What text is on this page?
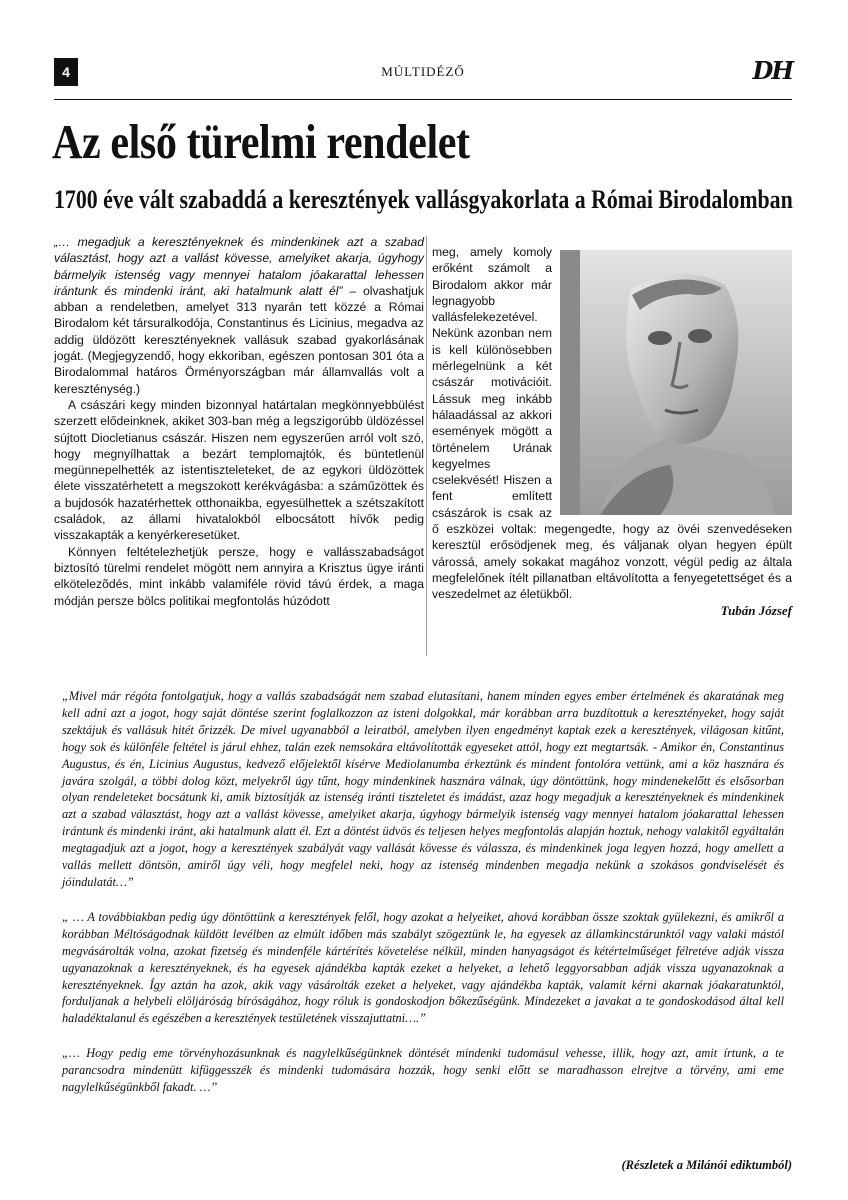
4	MÚLTIDÉZŐ	DH
Az első türelmi rendelet
1700 éve vált szabaddá a keresztények vallásgyakorlata a Római Birodalomban

„… megadjuk a keresztényeknek és mindenkinek azt a szabad választást, hogy azt a vallást kövesse, amelyiket akarja, úgyhogy bármelyik istenség vagy mennyei hatalom jóakarattal lehessen irántunk és mindenki iránt, aki hatalmunk alatt él” – olvashatjuk abban a rendeletben, amelyet 313 nyarán tett közzé a Római Birodalom két társuralkodója, Constantinus és Licinius, megadva az addig üldözött keresztényeknek vallásuk szabad gyakorlásának jogát. (Megjegyzendő, hogy ekkoriban, egészen pontosan 301 óta a Birodalommal határos Örményországban már államvallás volt a kereszténység.)

A császári kegy minden bizonnyal határtalan megkönnyebbülést szerzett elődeinknek, akiket 303-ban még a legszigorúbb üldözéssel sújtott Diocletianus császár. Hiszen nem egyszerűen arról volt szó, hogy megnyílhattak a bezárt templomajtók, és büntetlenül megünnepelhették az istentiszteleteket, de az egykori üldözöttek élete visszatérhetett a megszokott kerékvágásba: a száműzöttek és a bujdosók hazatérhettek otthonaikba, egyesülhettek a szétszakított családok, az állami hivatalokból elbocsátott hívők pedig visszakapták a kenyérkeresetüket.

Könnyen feltételezhetjük persze, hogy e vallásszabadságot biztosító türelmi rendelet mögött nem annyira a Krisztus ügye iránti elkötelezõdés, mint inkább valamiféle rövid távú érdek, a maga módján persze bölcs politikai megfontolás húzódott

meg, amely komoly erőként számolt a Birodalom akkor már legnagyobb vallásfelekezetével. Nekünk azonban nem is kell különösebben mérlegelnünk a két császár motivációit. Lássuk meg inkább hálaadással az akkori események mögött a történelem Urának kegyelmes cselekvését! Hiszen a fent említett császárok is csak az ő eszközei voltak: megengedte, hogy az övéi szenvedéseken keresztül erősödjenek meg, és váljanak olyan hegyen épült várossá, amely sokakat magához vonzott, végül pedig az általa megfelelőnek ítélt pillanatban eltávolította a fenyegetettséget és a veszedelmet az életükből.

Tubán József

„Mivel már régóta fontolgatjuk, hogy a vallás szabadságát nem szabad elutasítani, hanem minden egyes ember értelmének és akaratának meg kell adni azt a jogot, hogy saját döntése szerint foglalkozzon az isteni dolgokkal, már korábban arra buzdítottuk a keresztényeket, hogy saját szektájuk és vallásuk hitét őrizzék. De mivel ugyanabból a leiratból, amelyben ilyen engedményt kaptak ezek a keresztények, világosan kitűnt, hogy sok és különféle feltétel is járul ehhez, talán ezek nemsokára eltávolították egyeseket attól, hogy ezt megtartsák. - Amikor én, Constantinus Augustus, és én, Licinius Augustus, kedvező előjelektől kísérve Mediolanumba érkeztünk és mindent fontolóra vettünk, ami a köz hasznára és javára szolgál, a többi dolog közt, melyekről úgy tűnt, hogy mindenkinek hasznára válnak, úgy döntöttünk, hogy mindenekelőtt és elsősorban olyan rendeleteket bocsátunk ki, amik biztosítják az istenség iránti tiszteletet és imádást, azaz hogy megadjuk a keresztényeknek és mindenkinek azt a szabad választást, hogy azt a vallást kövesse, amelyiket akarja, úgyhogy bármelyik istenség vagy mennyei hatalom jóakarattal lehessen irántunk és mindenki iránt, aki hatalmunk alatt él. Ezt a döntést üdvös és teljesen helyes megfontolás alapján hoztuk, nehogy valakitől egyáltalán megtagadjuk azt a jogot, hogy a keresztények szabályát vagy vallását kövesse és válassza, és mindenkinek joga legyen hozzá, hogy amellett a vallás mellett döntsön, amiről úgy véli, hogy megfelel neki, hogy az istenség mindenben megadja nekünk a szokásos gondviselését és jóindulatát…”

„ … A továbbiakban pedig úgy döntöttünk a keresztények felől, hogy azokat a helyeiket, ahová korábban össze szoktak gyülekezni, és amikről a korábban Méltóságodnak küldött levélben az elmúlt időben más szabályt szögeztünk le, ha egyesek az államkincstárunktól vagy valaki mástól megvásárolták volna, azokat fizetség és mindenféle kártérítés követelése nélkül, minden hanyagságot és kétértelműséget félretéve adják vissza ugyanazoknak a keresztényeknek, és ha egyesek ajándékba kapták ezeket a helyeket, a lehető leggyorsabban adják vissza ugyanazoknak a keresztényeknek. Így aztán ha azok, akik vagy vásárolták ezeket a helyeket, vagy ajándékba kapták, valamit kérni akarnak jóakaratunktól, forduljanak a helybeli elöljáróság bíróságához, hogy róluk is gondoskodjon bőkezűségünk. Mindezeket a javakat a te gondoskodásod által kell haladéktalanul és egészében a keresztények testületének visszajuttatni….”

„… Hogy pedig eme törvényhozásunknak és nagylelkűségünknek döntését mindenki tudomásul vehesse, illik, hogy azt, amit írtunk, a te parancsodra mindenütt kifüggesszék és mindenki tudomására hozzák, hogy senki előtt se maradhasson elrejtve a törvény, ami eme nagylelkűségünkből fakadt. …”

(Részletek a Milánói ediktumból)
